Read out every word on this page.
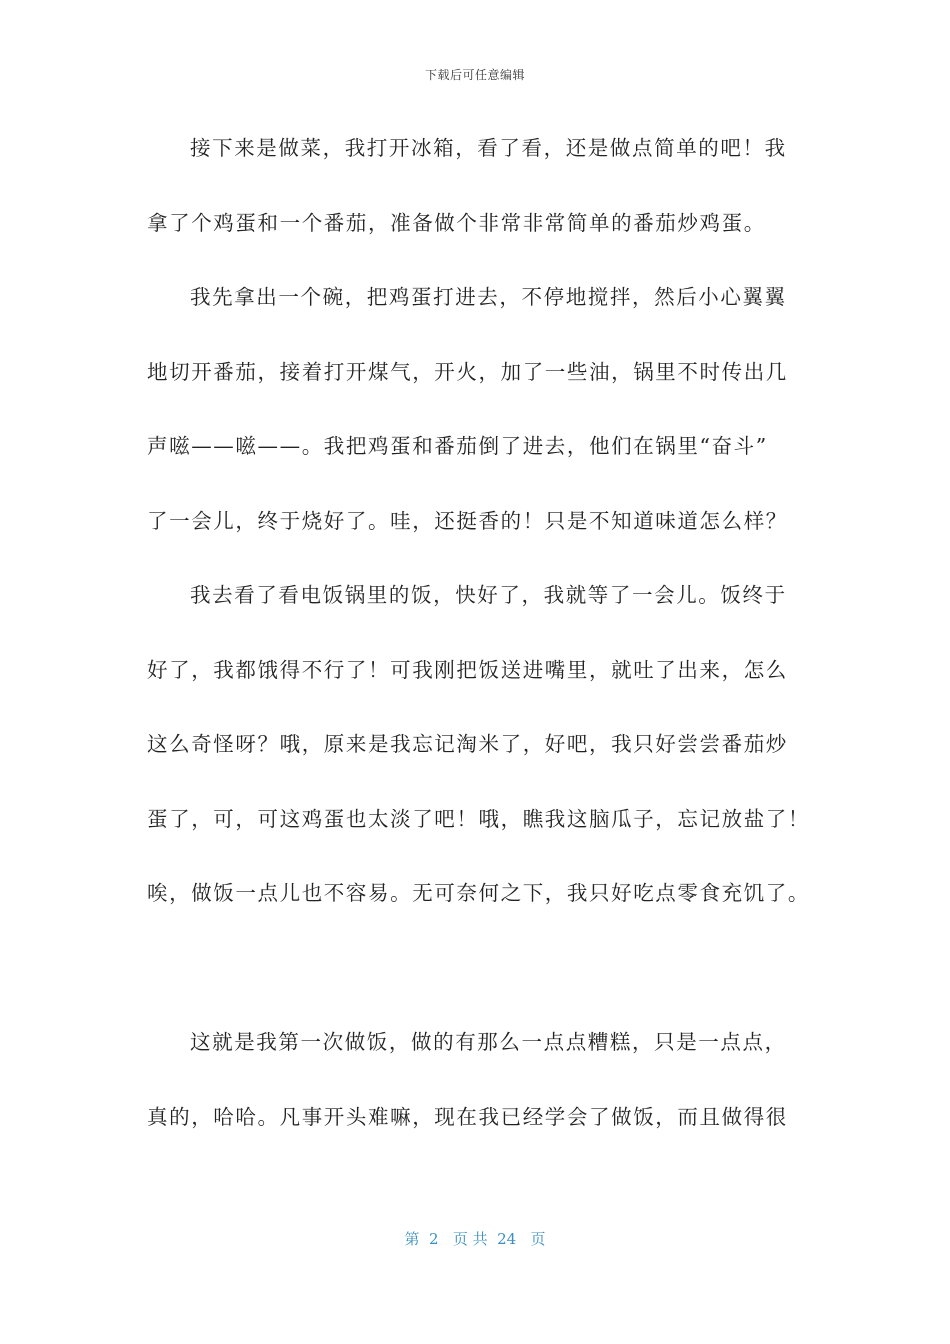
下载后可任意编辑
接下来是做菜，我打开冰箱，看了看，还是做点简单的吧！我
拿了个鸡蛋和一个番茄，准备做个非常非常简单的番茄炒鸡蛋。
我先拿出一个碗，把鸡蛋打进去，不停地搅拌，然后小心翼翼
地切开番茄，接着打开煤气，开火，加了一些油，锅里不时传出几
声嗞——嗞——。我把鸡蛋和番茄倒了进去，他们在锅里“奋斗”
了一会儿，终于烧好了。哇，还挺香的！只是不知道味道怎么样？
我去看了看电饭锅里的饭，快好了，我就等了一会儿。饭终于
好了，我都饿得不行了！可我刚把饭送进嘴里，就吐了出来，怎么
这么奇怪呀？哦，原来是我忘记淘米了，好吧，我只好尝尝番茄炒
蛋了，可，可这鸡蛋也太淡了吧！哦，瞧我这脑瓜子，忘记放盐了！
唉，做饭一点儿也不容易。无可奈何之下，我只好吃点零食充饥了。
这就是我第一次做饭，做的有那么一点点糟糕，只是一点点，
真的，哈哈。凡事开头难嘛，现在我已经学会了做饭，而且做得很
第  2   页 共  24   页
